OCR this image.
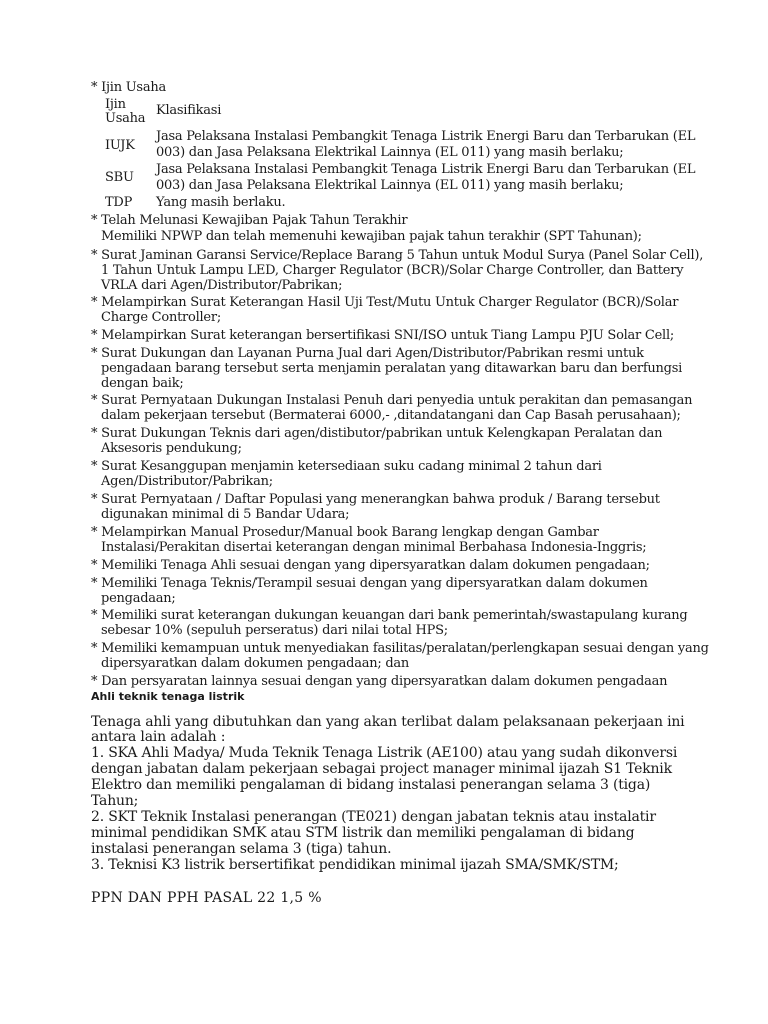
* Ijin Usaha
Ijin
Usaha
Klasifikasi
IUJK
Jasa Pelaksana Instalasi Pembangkit Tenaga Listrik Energi Baru dan Terbarukan (EL
003) dan Jasa Pelaksana Elektrikal Lainnya (EL 011) yang masih berlaku;
SBU
Jasa Pelaksana Instalasi Pembangkit Tenaga Listrik Energi Baru dan Terbarukan (EL
003) dan Jasa Pelaksana Elektrikal Lainnya (EL 011) yang masih berlaku;
TDP Yang masih berlaku.
* Telah Melunasi Kewajiban Pajak Tahun Terakhir
Memiliki NPWP dan telah memenuhi kewajiban pajak tahun terakhir (SPT Tahunan);
* Surat Jaminan Garansi Service/Replace Barang 5 Tahun untuk Modul Surya (Panel Solar Cell),
1 Tahun Untuk Lampu LED, Charger Regulator (BCR)/Solar Charge Controller, dan Battery
VRLA dari Agen/Distributor/Pabrikan;
* Melampirkan Surat Keterangan Hasil Uji Test/Mutu Untuk Charger Regulator (BCR)/Solar
Charge Controller;
* Melampirkan Surat keterangan bersertifikasi SNI/ISO untuk Tiang Lampu PJU Solar Cell;
* Surat Dukungan dan Layanan Purna Jual dari Agen/Distributor/Pabrikan resmi untuk
pengadaan barang tersebut serta menjamin peralatan yang ditawarkan baru dan berfungsi
dengan baik;
* Surat Pernyataan Dukungan Instalasi Penuh dari penyedia untuk perakitan dan pemasangan
dalam pekerjaan tersebut (Bermaterai 6000,- ,ditandatangani dan Cap Basah perusahaan);
* Surat Dukungan Teknis dari agen/distibutor/pabrikan untuk Kelengkapan Peralatan dan
Aksesoris pendukung;
* Surat Kesanggupan menjamin ketersediaan suku cadang minimal 2 tahun dari
Agen/Distributor/Pabrikan;
* Surat Pernyataan / Daftar Populasi yang menerangkan bahwa produk / Barang tersebut
digunakan minimal di 5 Bandar Udara;
* Melampirkan Manual Prosedur/Manual book Barang lengkap dengan Gambar
Instalasi/Perakitan disertai keterangan dengan minimal Berbahasa Indonesia-Inggris;
* Memiliki Tenaga Ahli sesuai dengan yang dipersyaratkan dalam dokumen pengadaan;
* Memiliki Tenaga Teknis/Terampil sesuai dengan yang dipersyaratkan dalam dokumen
pengadaan;
* Memiliki surat keterangan dukungan keuangan dari bank pemerintah/swastapulang kurang
sebesar 10% (sepuluh perseratus) dari nilai total HPS;
* Memiliki kemampuan untuk menyediakan fasilitas/peralatan/perlengkapan sesuai dengan yang
dipersyaratkan dalam dokumen pengadaan; dan
* Dan persyaratan lainnya sesuai dengan yang dipersyaratkan dalam dokumen pengadaan
Ahli teknik tenaga listrik
Tenaga ahli yang dibutuhkan dan yang akan terlibat dalam pelaksanaan pekerjaan ini
antara lain adalah :
1. SKA Ahli Madya/ Muda Teknik Tenaga Listrik (AE100) atau yang sudah dikonversi
dengan jabatan dalam pekerjaan sebagai project manager minimal ijazah S1 Teknik
Elektro dan memiliki pengalaman di bidang instalasi penerangan selama 3 (tiga)
Tahun;
2. SKT Teknik Instalasi penerangan (TE021) dengan jabatan teknis atau instalatir
minimal pendidikan SMK atau STM listrik dan memiliki pengalaman di bidang
instalasi penerangan selama 3 (tiga) tahun.
3. Teknisi K3 listrik bersertifikat pendidikan minimal ijazah SMA/SMK/STM;
PPN DAN PPH PASAL 22 1,5 %
